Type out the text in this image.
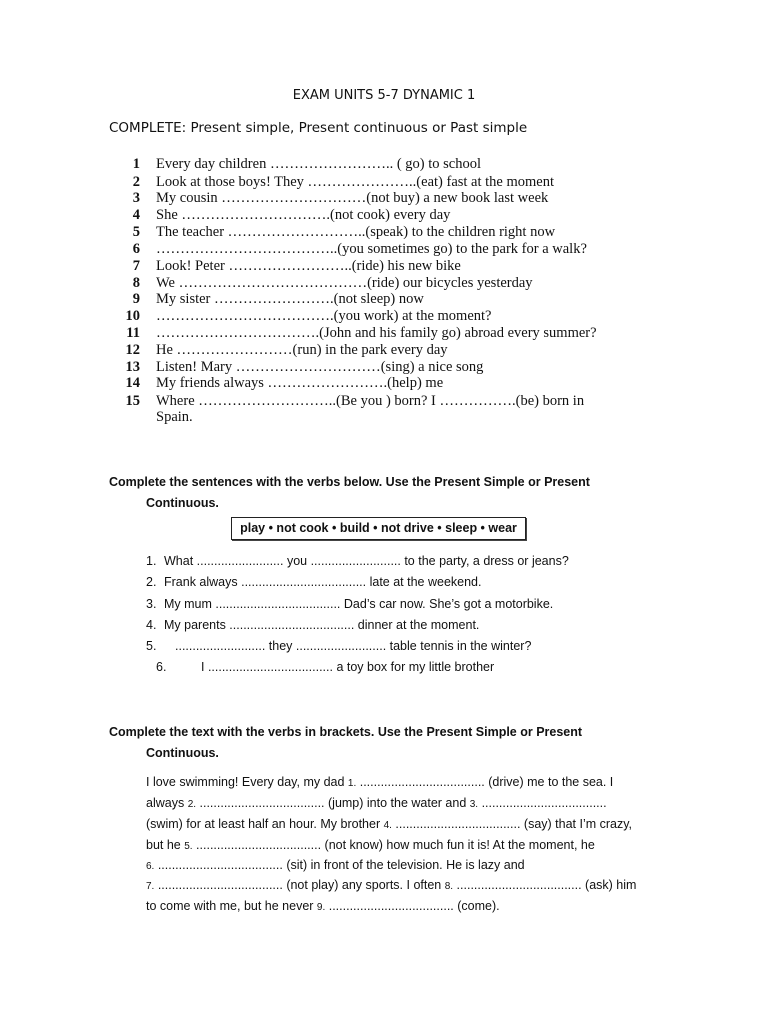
EXAM UNITS 5-7 DYNAMIC 1
COMPLETE: Present simple, Present continuous or Past simple
1 Every day children …………………….. ( go) to school
2 Look at those boys! They …………………..(eat) fast at the moment
3 My cousin …………………………(not buy) a new book last week
4 She ………………………….(not cook) every day
5 The teacher ………………………..(speak) to the children right now
6 ………………………………..(you sometimes go) to the park for a walk?
7 Look! Peter ……………………..(ride) his new bike
8 We …………………………………(ride) our bicycles yesterday
9 My sister …………………….(not sleep) now
10 ……………………………….(you work) at the moment?
11 …………………………….(John and his family go) abroad every summer?
12 He ……………………(run) in the park every day
13 Listen! Mary …………………………(sing) a nice song
14 My friends always …………………….(help) me
15 Where ………………………..(Be you ) born? I …………….(be) born in
Spain.
Complete the sentences with the verbs below. Use the Present Simple or Present
Continuous.
play • not cook • build • not drive • sleep • wear
1. What ......................... you .......................... to the party, a dress or jeans?
2. Frank always .................................... late at the weekend.
3. My mum .................................... Dad’s car now. She’s got a motorbike.
4. My parents .................................... dinner at the moment.
5. .......................... they .......................... table tennis in the winter?
6.	I .................................... a toy box for my little brother
Complete the text with the verbs in brackets. Use the Present Simple or Present
Continuous.
I love swimming! Every day, my dad 1. .................................... (drive) me to the sea. I
always 2. .................................... (jump) into the water and 3. ....................................
(swim) for at least half an hour. My brother 4. .................................... (say) that I’m crazy,
but he 5. .................................... (not know) how much fun it is! At the moment, he
6. .................................... (sit) in front of the television. He is lazy and
7. .................................... (not play) any sports. I often 8. .................................... (ask) him
to come with me, but he never 9. .................................... (come).
